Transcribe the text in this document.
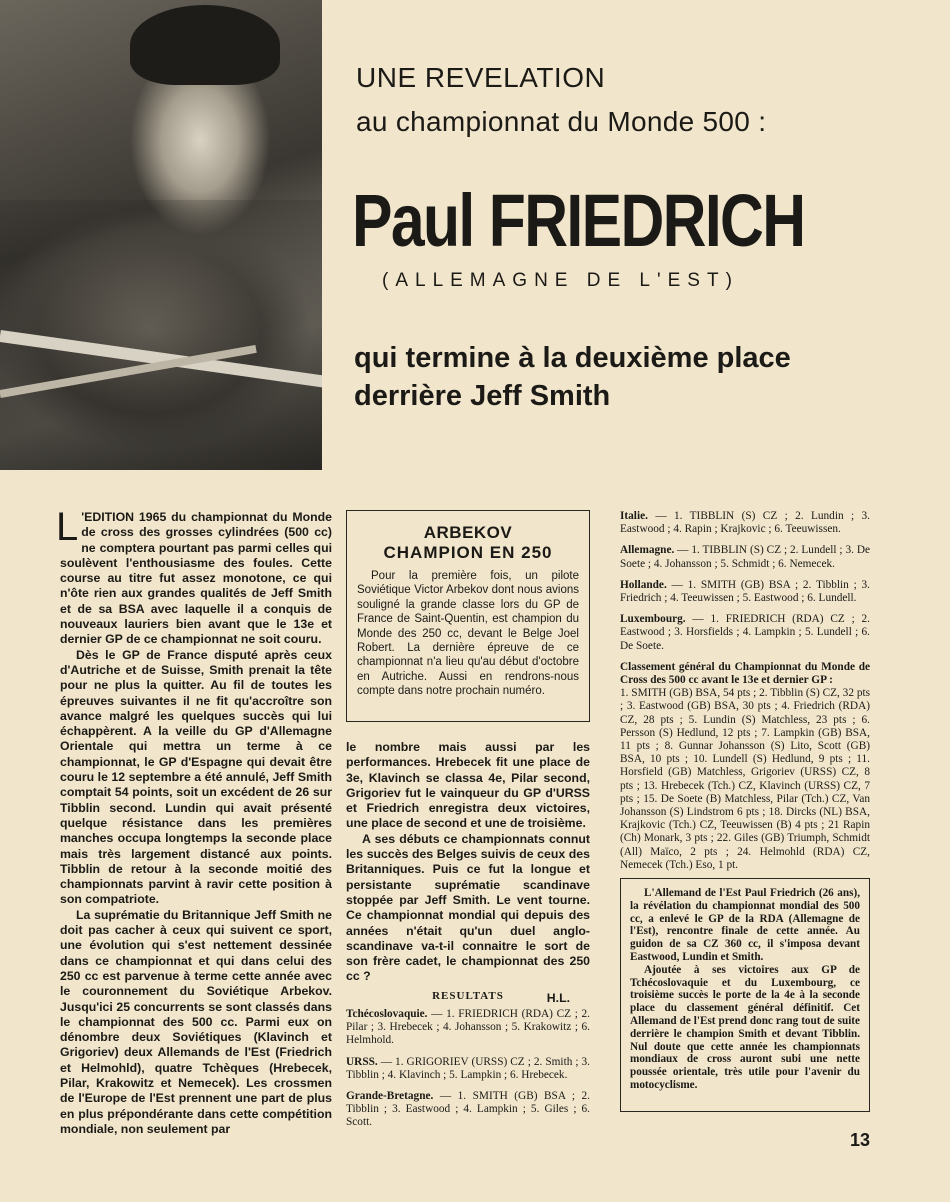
UNE REVELATION
au championnat du Monde 500 :
Paul FRIEDRICH
(ALLEMAGNE DE L'EST)
qui termine à la deuxième place
derrière Jeff Smith

L 'EDITION 1965 du championnat du Monde de cross des grosses cylindrées (500 cc) ne comptera pourtant pas parmi celles qui soulèvent l'enthousiasme des foules. Cette course au titre fut assez monotone, ce qui n'ôte rien aux grandes qualités de Jeff Smith et de sa BSA avec laquelle il a conquis de nouveaux lauriers bien avant que le 13e et dernier GP de ce championnat ne soit couru.

Dès le GP de France disputé après ceux d'Autriche et de Suisse, Smith prenait la tête pour ne plus la quitter. Au fil de toutes les épreuves suivantes il ne fit qu'accroître son avance malgré les quelques succès qui lui échappèrent. A la veille du GP d'Allemagne Orientale qui mettra un terme à ce championnat, le GP d'Espagne qui devait être couru le 12 septembre a été annulé, Jeff Smith comptait 54 points, soit un excédent de 26 sur Tibblin second. Lundin qui avait présenté quelque résistance dans les premières manches occupa longtemps la seconde place mais très largement distancé aux points. Tibblin de retour à la seconde moitié des championnats parvint à ravir cette position à son compatriote.

La suprématie du Britannique Jeff Smith ne doit pas cacher à ceux qui suivent ce sport, une évolution qui s'est nettement dessinée dans ce championnat et qui dans celui des 250 cc est parvenue à terme cette année avec le couronnement du Soviétique Arbekov. Jusqu'ici 25 concurrents se sont classés dans le championnat des 500 cc. Parmi eux on dénombre deux Soviétiques (Klavinch et Grigoriev) deux Allemands de l'Est (Friedrich et Helmohld), quatre Tchèques (Hrebecek, Pilar, Krakowitz et Nemecek). Les crossmen de l'Europe de l'Est prennent une part de plus en plus prépondérante dans cette compétition mondiale, non seulement par

ARBEKOV
CHAMPION EN 250
Pour la première fois, un pilote Soviétique Victor Arbekov dont nous avions souligné la grande classe lors du GP de France de Saint-Quentin, est champion du Monde des 250 cc, devant le Belge Joel Robert. La dernière épreuve de ce championnat n'a lieu qu'au début d'octobre en Autriche. Aussi en rendrons-nous compte dans notre prochain numéro.

le nombre mais aussi par les performances. Hrebecek fit une place de 3e, Klavinch se classa 4e, Pilar second, Grigoriev fut le vainqueur du GP d'URSS et Friedrich enregistra deux victoires, une place de second et une de troisième.

A ses débuts ce championnats connut les succès des Belges suivis de ceux des Britanniques. Puis ce fut la longue et persistante suprématie scandinave stoppée par Jeff Smith. Le vent tourne. Ce championnat mondial qui depuis des années n'était qu'un duel anglo-scandinave va-t-il connaitre le sort de son frère cadet, le championnat des 250 cc ?

H.L.
RESULTATS

Tchécoslovaquie. — 1. FRIEDRICH (RDA) CZ ; 2. Pilar ; 3. Hrebecek ; 4. Johansson ; 5. Krakowitz ; 6. Helmhold.

URSS. — 1. GRIGORIEV (URSS) CZ ; 2. Smith ; 3. Tibblin ; 4. Klavinch ; 5. Lampkin ; 6. Hrebecek.

Grande-Bretagne. — 1. SMITH (GB) BSA ; 2. Tibblin ; 3. Eastwood ; 4. Lampkin ; 5. Giles ; 6. Scott.

Italie. — 1. TIBBLIN (S) CZ ; 2. Lundin ; 3. Eastwood ; 4. Rapin ; Krajkovic ; 6. Teeuwissen.

Allemagne. — 1. TIBBLIN (S) CZ ; 2. Lundell ; 3. De Soete ; 4. Johansson ; 5. Schmidt ; 6. Nemecek.

Hollande. — 1. SMITH (GB) BSA ; 2. Tibblin ; 3. Friedrich ; 4. Teeuwissen ; 5. Eastwood ; 6. Lundell.

Luxembourg. — 1. FRIEDRICH (RDA) CZ ; 2. Eastwood ; 3. Horsfields ; 4. Lampkin ; 5. Lundell ; 6. De Soete.

Classement général du Championnat du Monde de Cross des 500 cc avant le 13e et dernier GP :
1. SMITH (GB) BSA, 54 pts ; 2. Tibblin (S) CZ, 32 pts ; 3. Eastwood (GB) BSA, 30 pts ; 4. Friedrich (RDA) CZ, 28 pts ; 5. Lundin (S) Matchless, 23 pts ; 6. Persson (S) Hedlund, 12 pts ; 7. Lampkin (GB) BSA, 11 pts ; 8. Gunnar Johansson (S) Lito, Scott (GB) BSA, 10 pts ; 10. Lundell (S) Hedlund, 9 pts ; 11. Horsfield (GB) Matchless, Grigoriev (URSS) CZ, 8 pts ; 13. Hrebecek (Tch.) CZ, Klavinch (URSS) CZ, 7 pts ; 15. De Soete (B) Matchless, Pilar (Tch.) CZ, Van Johansson (S) Lindstrom 6 pts ; 18. Dircks (NL) BSA, Krajkovic (Tch.) CZ, Teeuwissen (B) 4 pts ; 21 Rapin (Ch) Monark, 3 pts ; 22. Giles (GB) Triumph, Schmidt (All) Maïco, 2 pts ; 24. Helmohld (RDA) CZ, Nemecek (Tch.) Eso, 1 pt.

L'Allemand de l'Est Paul Friedrich (26 ans), la révélation du championnat mondial des 500 cc, a enlevé le GP de la RDA (Allemagne de l'Est), rencontre finale de cette année. Au guidon de sa CZ 360 cc, il s'imposa devant Eastwood, Lundin et Smith.

Ajoutée à ses victoires aux GP de Tchécoslovaquie et du Luxembourg, ce troisième succès le porte de la 4e à la seconde place du classement général définitif. Cet Allemand de l'Est prend donc rang tout de suite derrière le champion Smith et devant Tibblin. Nul doute que cette année les championnats mondiaux de cross auront subi une nette poussée orientale, très utile pour l'avenir du motocyclisme.

13
